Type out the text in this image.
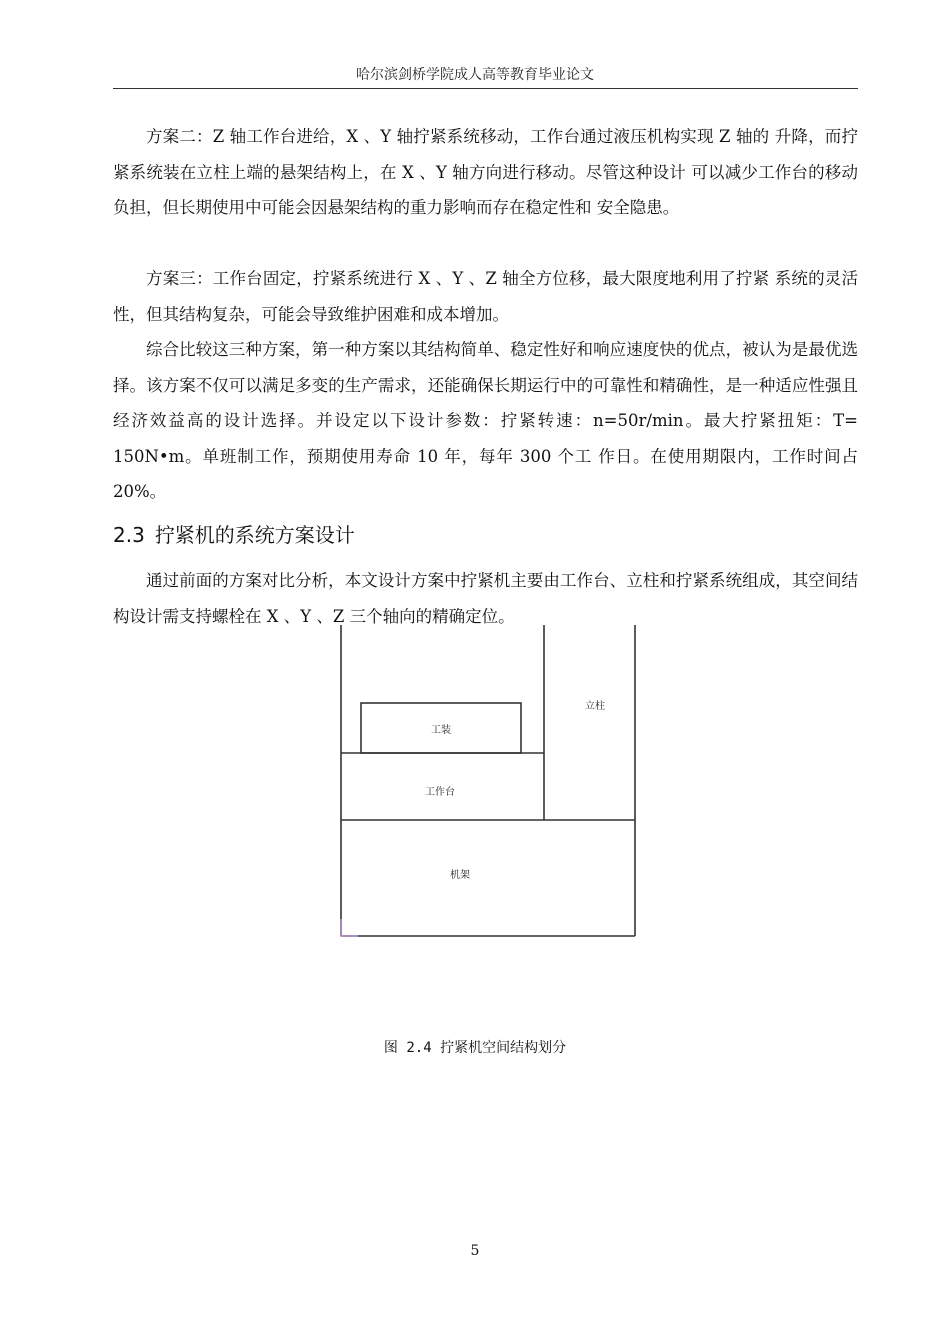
哈尔滨剑桥学院成人高等教育毕业论文

方案二：Z 轴工作台进给，X 、Y 轴拧紧系统移动，工作台通过液压机构实现 Z 轴的 升降，而拧紧系统装在立柱上端的悬架结构上，在 X 、Y 轴方向进行移动。尽管这种设计 可以减少工作台的移动负担，但长期使用中可能会因悬架结构的重力影响而存在稳定性和 安全隐患。

方案三：工作台固定，拧紧系统进行 X 、Y 、Z 轴全方位移，最大限度地利用了拧紧 系统的灵活性，但其结构复杂，可能会导致维护困难和成本增加。

综合比较这三种方案，第一种方案以其结构简单、稳定性好和响应速度快的优点，被认为是最优选择。该方案不仅可以满足多变的生产需求，还能确保长期运行中的可靠性和精确性，是一种适应性强且经济效益高的设计选择。并设定以下设计参数：拧紧转速：n=50r/min。最大拧紧扭矩：T= 150N•m。单班制工作，预期使用寿命 10 年，每年 300 个工 作日。在使用期限内，工作时间占 20%。

2.3 拧紧机的系统方案设计

通过前面的方案对比分析，本文设计方案中拧紧机主要由工作台、立柱和拧紧系统组成，其空间结构设计需支持螺栓在 X 、Y 、Z 三个轴向的精确定位。

工装
立柱
工作台
机架
图 2.4 拧紧机空间结构划分
5
